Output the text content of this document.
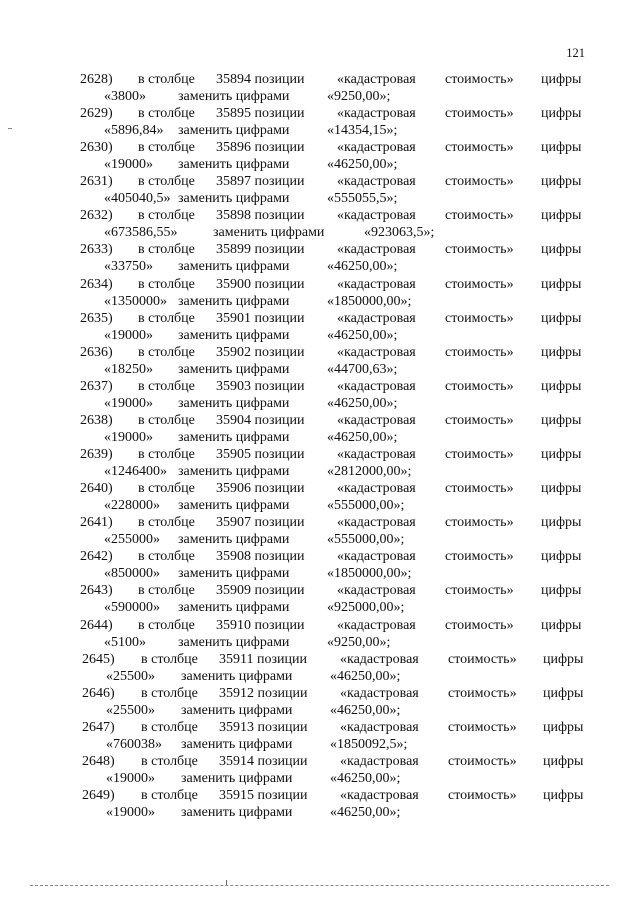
121
2628) в столбце 35894 позиции «кадастровая стоимость» цифры
«3800» заменить цифрами	«9250,00»;
2629) в столбце 35895 позиции «кадастровая стоимость» цифры
«5896,84» заменить цифрами	«14354,15»;
2630) в столбце 35896 позиции «кадастровая стоимость» цифры
«19000» заменить цифрами	«46250,00»;
2631) в столбце 35897 позиции «кадастровая стоимость» цифры
«405040,5» заменить цифрами	«555055,5»;
2632) в столбце 35898 позиции «кадастровая стоимость» цифры
«673586,55»	заменить цифрами	«923063,5»;
2633) в столбце 35899 позиции «кадастровая стоимость» цифры
«33750» заменить цифрами	«46250,00»;
2634) в столбце 35900 позиции «кадастровая стоимость» цифры
«1350000» заменить цифрами	«1850000,00»;
2635) в столбце 35901 позиции «кадастровая стоимость» цифры
«19000» заменить цифрами	«46250,00»;
2636) в столбце 35902 позиции «кадастровая стоимость» цифры
«18250» заменить цифрами	«44700,63»;
2637) в столбце 35903 позиции «кадастровая стоимость» цифры
«19000» заменить цифрами	«46250,00»;
2638) в столбце 35904 позиции «кадастровая стоимость» цифры
«19000» заменить цифрами	«46250,00»;
2639) в столбце 35905 позиции «кадастровая стоимость» цифры
«1246400» заменить цифрами	«2812000,00»;
2640) в столбце 35906 позиции «кадастровая стоимость» цифры
«228000» заменить цифрами	«555000,00»;
2641) в столбце 35907 позиции «кадастровая стоимость» цифры
«255000» заменить цифрами	«555000,00»;
2642) в столбце 35908 позиции «кадастровая стоимость» цифры
«850000» заменить цифрами	«1850000,00»;
2643) в столбце 35909 позиции «кадастровая стоимость» цифры
«590000» заменить цифрами	«925000,00»;
2644) в столбце 35910 позиции «кадастровая стоимость» цифры
«5100» заменить цифрами	«9250,00»;
2645) в столбце 35911 позиции «кадастровая стоимость» цифры
«25500» заменить цифрами	«46250,00»;
2646) в столбце 35912 позиции «кадастровая стоимость» цифры
«25500» заменить цифрами	«46250,00»;
2647) в столбце 35913 позиции «кадастровая стоимость» цифры
«760038» заменить цифрами	«1850092,5»;
2648) в столбце 35914 позиции «кадастровая стоимость» цифры
«19000» заменить цифрами	«46250,00»;
2649) в столбце 35915 позиции «кадастровая стоимость» цифры
«19000» заменить цифрами	«46250,00»;
